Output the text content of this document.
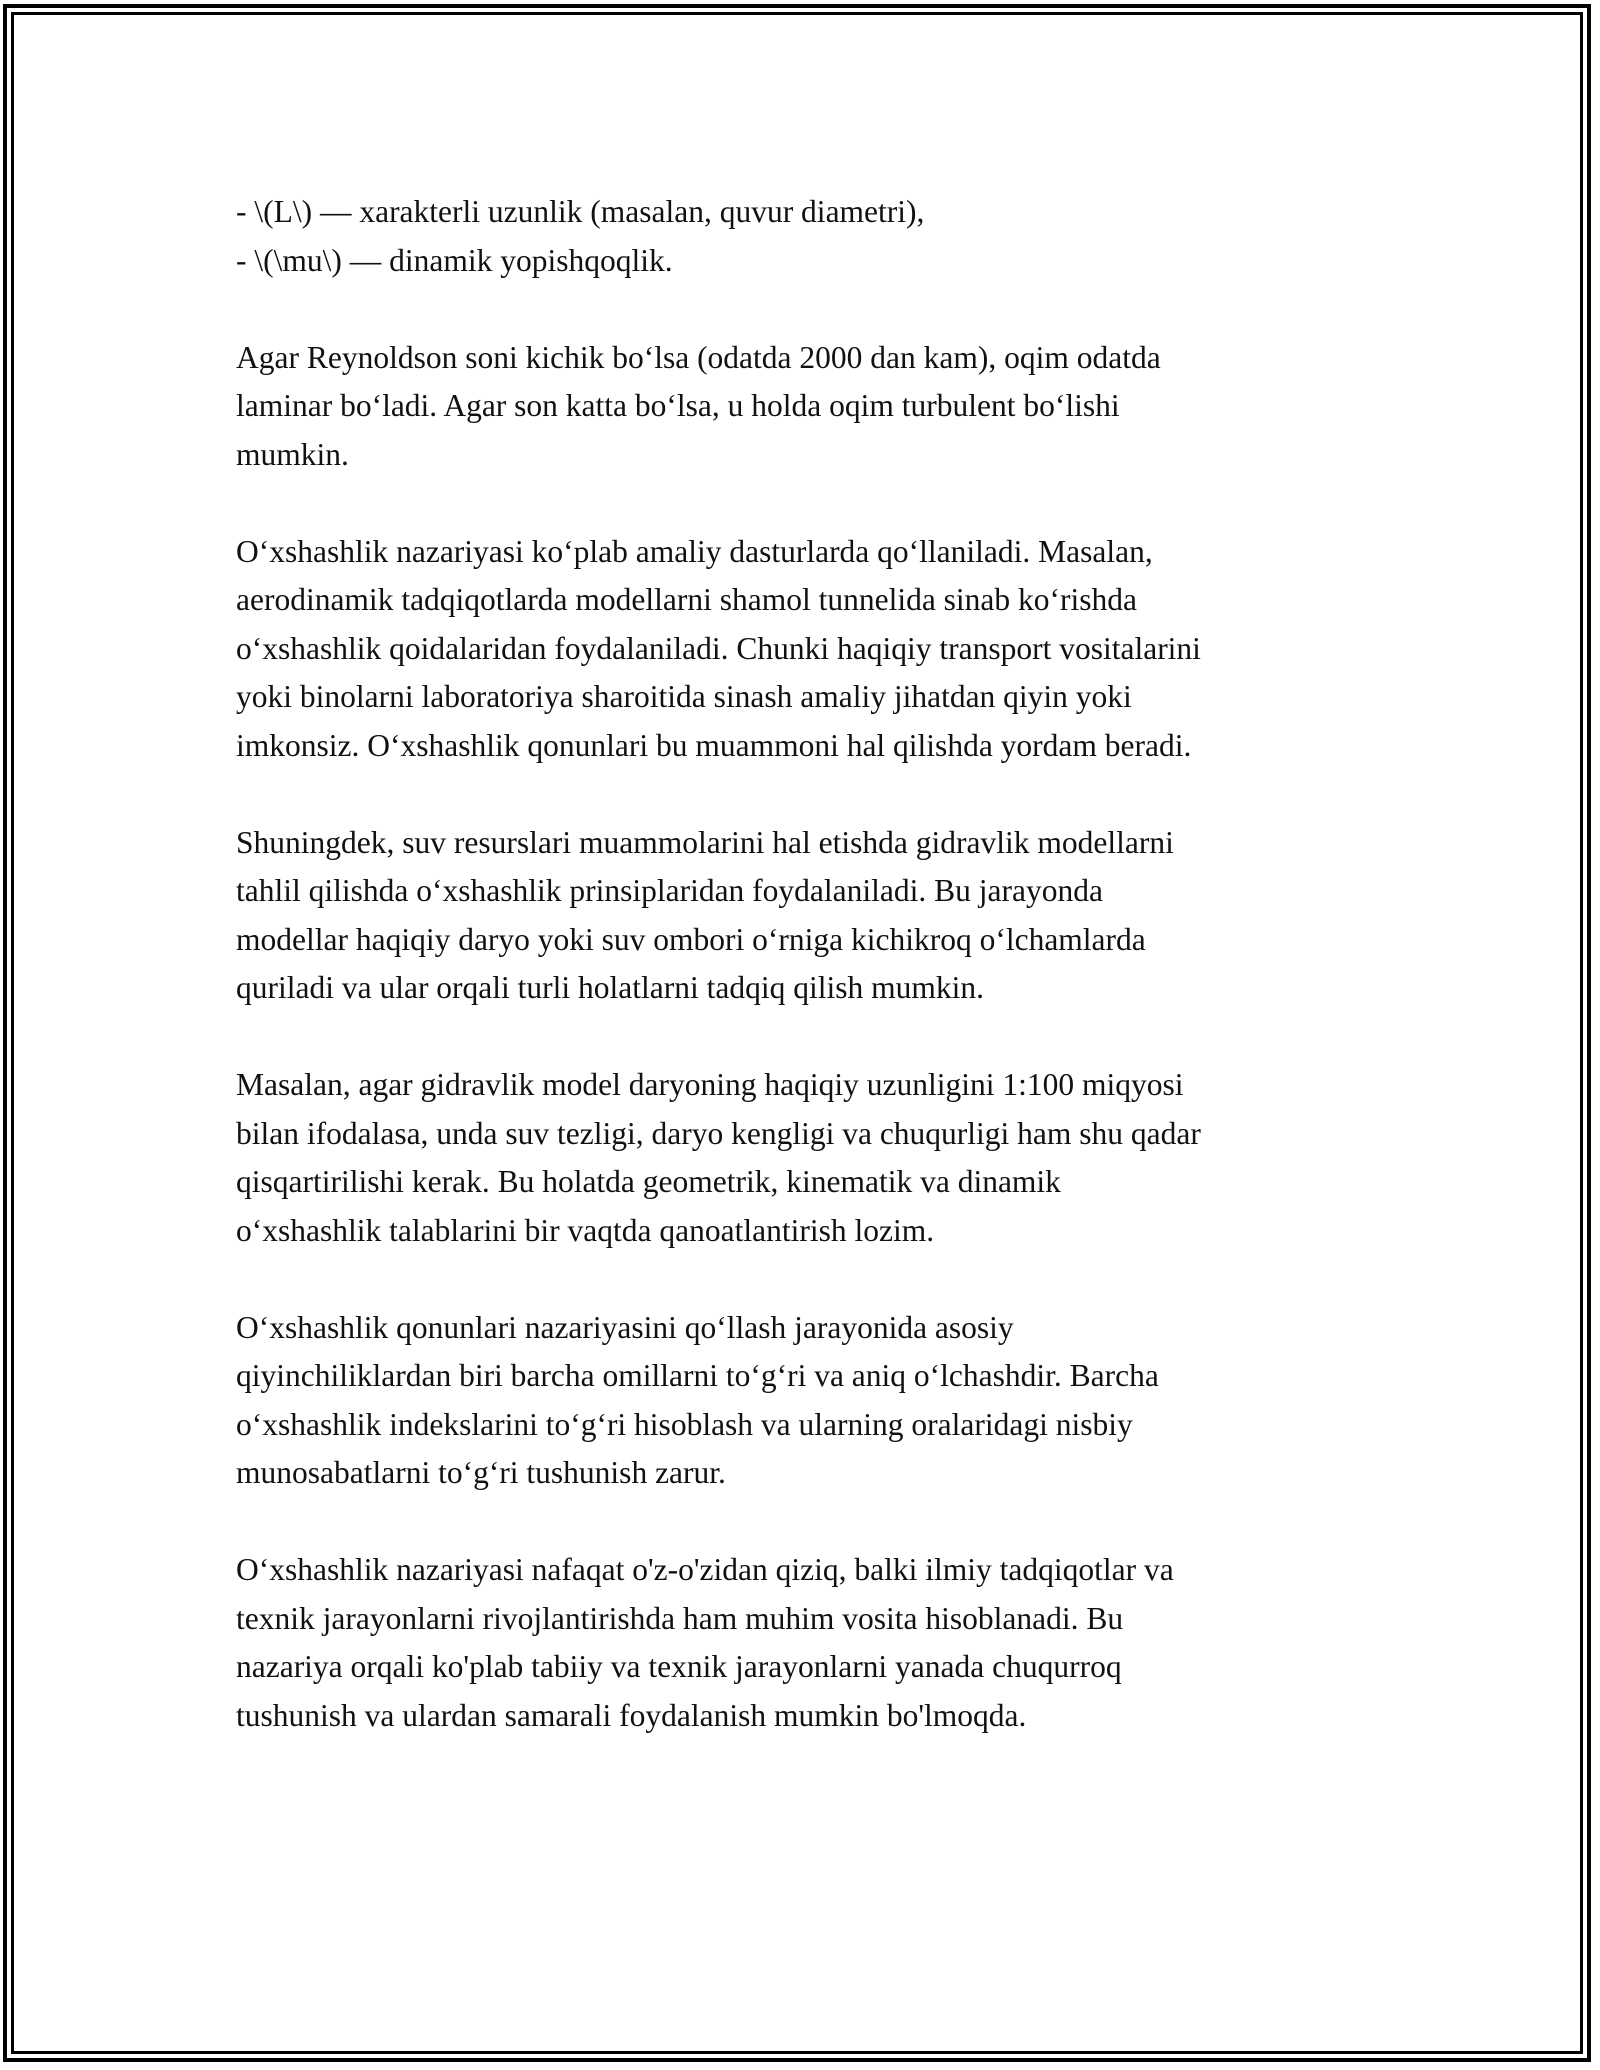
- \(L\) — xarakterli uzunlik (masalan, quvur diametri),
- \(\mu\) — dinamik yopishqoqlik.

Agar Reynoldson soni kichik bo‘lsa (odatda 2000 dan kam), oqim odatda
laminar bo‘ladi. Agar son katta bo‘lsa, u holda oqim turbulent bo‘lishi
mumkin.

O‘xshashlik nazariyasi ko‘plab amaliy dasturlarda qo‘llaniladi. Masalan,
aerodinamik tadqiqotlarda modellarni shamol tunnelida sinab ko‘rishda
o‘xshashlik qoidalaridan foydalaniladi. Chunki haqiqiy transport vositalarini
yoki binolarni laboratoriya sharoitida sinash amaliy jihatdan qiyin yoki
imkonsiz. O‘xshashlik qonunlari bu muammoni hal qilishda yordam beradi.

Shuningdek, suv resurslari muammolarini hal etishda gidravlik modellarni
tahlil qilishda o‘xshashlik prinsiplaridan foydalaniladi. Bu jarayonda
modellar haqiqiy daryo yoki suv ombori o‘rniga kichikroq o‘lchamlarda
quriladi va ular orqali turli holatlarni tadqiq qilish mumkin.

Masalan, agar gidravlik model daryoning haqiqiy uzunligini 1:100 miqyosi
bilan ifodalasa, unda suv tezligi, daryo kengligi va chuqurligi ham shu qadar
qisqartirilishi kerak. Bu holatda geometrik, kinematik va dinamik
o‘xshashlik talablarini bir vaqtda qanoatlantirish lozim.

O‘xshashlik qonunlari nazariyasini qo‘llash jarayonida asosiy
qiyinchiliklardan biri barcha omillarni to‘g‘ri va aniq o‘lchashdir. Barcha
o‘xshashlik indekslarini to‘g‘ri hisoblash va ularning oralaridagi nisbiy
munosabatlarni to‘g‘ri tushunish zarur.

O‘xshashlik nazariyasi nafaqat o'z-o'zidan qiziq, balki ilmiy tadqiqotlar va
texnik jarayonlarni rivojlantirishda ham muhim vosita hisoblanadi. Bu
nazariya orqali ko'plab tabiiy va texnik jarayonlarni yanada chuqurroq
tushunish va ulardan samarali foydalanish mumkin bo'lmoqda.
